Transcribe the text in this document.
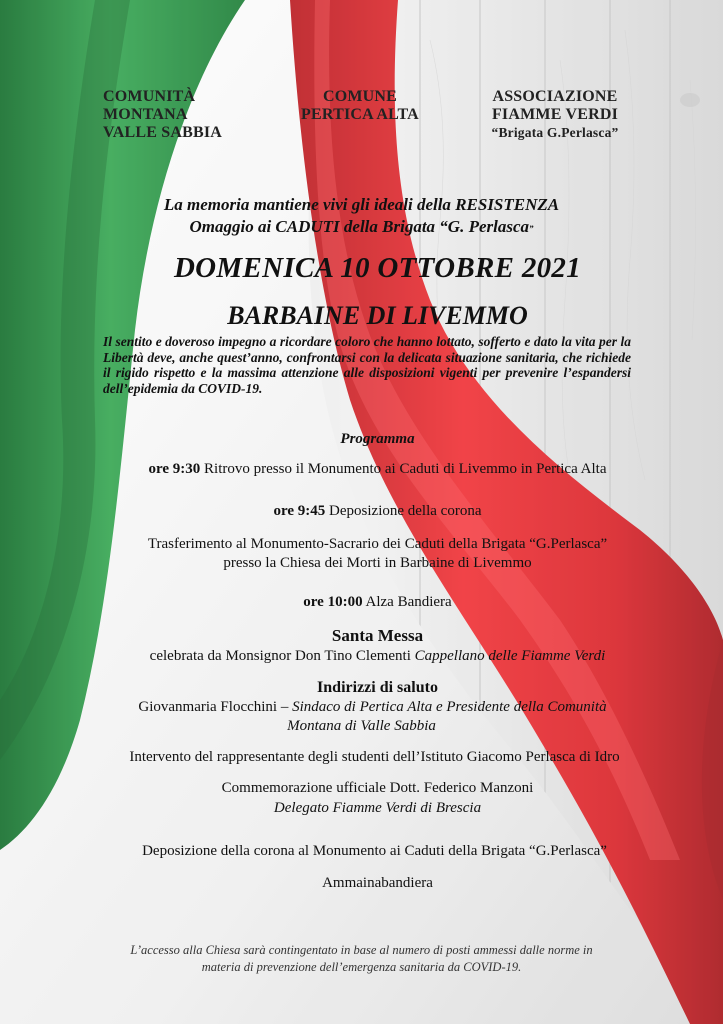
COMUNITÀ
MONTANA
VALLE SABBIA
COMUNE
PERTICA ALTA
ASSOCIAZIONE
FIAMME VERDI
“Brigata G.Perlasca”

La memoria mantiene vivi gli ideali della RESISTENZA

Omaggio ai CADUTI della Brigata “G. Perlasca”

DOMENICA 10 OTTOBRE 2021

BARBAINE DI LIVEMMO

Il sentito e doveroso impegno a ricordare coloro che hanno lottato, sofferto e dato la vita per la Libertà deve, anche quest’anno, confrontarsi con la delicata situazione sanitaria, che richiede il rigido rispetto e la massima attenzione alle disposizioni vigenti per prevenire l’espandersi dell’epidemia da COVID-19.

Programma

ore 9:30 Ritrovo presso il Monumento ai Caduti di Livemmo in Pertica Alta

ore 9:45 Deposizione della corona

Trasferimento al Monumento-Sacrario dei Caduti della Brigata “G.Perlasca”

presso la Chiesa dei Morti in Barbaine di Livemmo

ore 10:00 Alza Bandiera

Santa Messa

celebrata da Monsignor Don Tino Clementi Cappellano delle Fiamme Verdi

Indirizzi di saluto

Giovanmaria Flocchini – Sindaco di Pertica Alta e Presidente della Comunità

Montana di Valle Sabbia

Intervento del rappresentante degli studenti dell’Istituto Giacomo Perlasca di Idro

Commemorazione ufficiale Dott. Federico Manzoni

Delegato Fiamme Verdi di Brescia

Deposizione della corona al Monumento ai Caduti della Brigata “G.Perlasca”

Ammainabandiera

L’accesso alla Chiesa sarà contingentato in base al numero di posti ammessi dalle norme in

materia di prevenzione dell’emergenza sanitaria da COVID-19.
